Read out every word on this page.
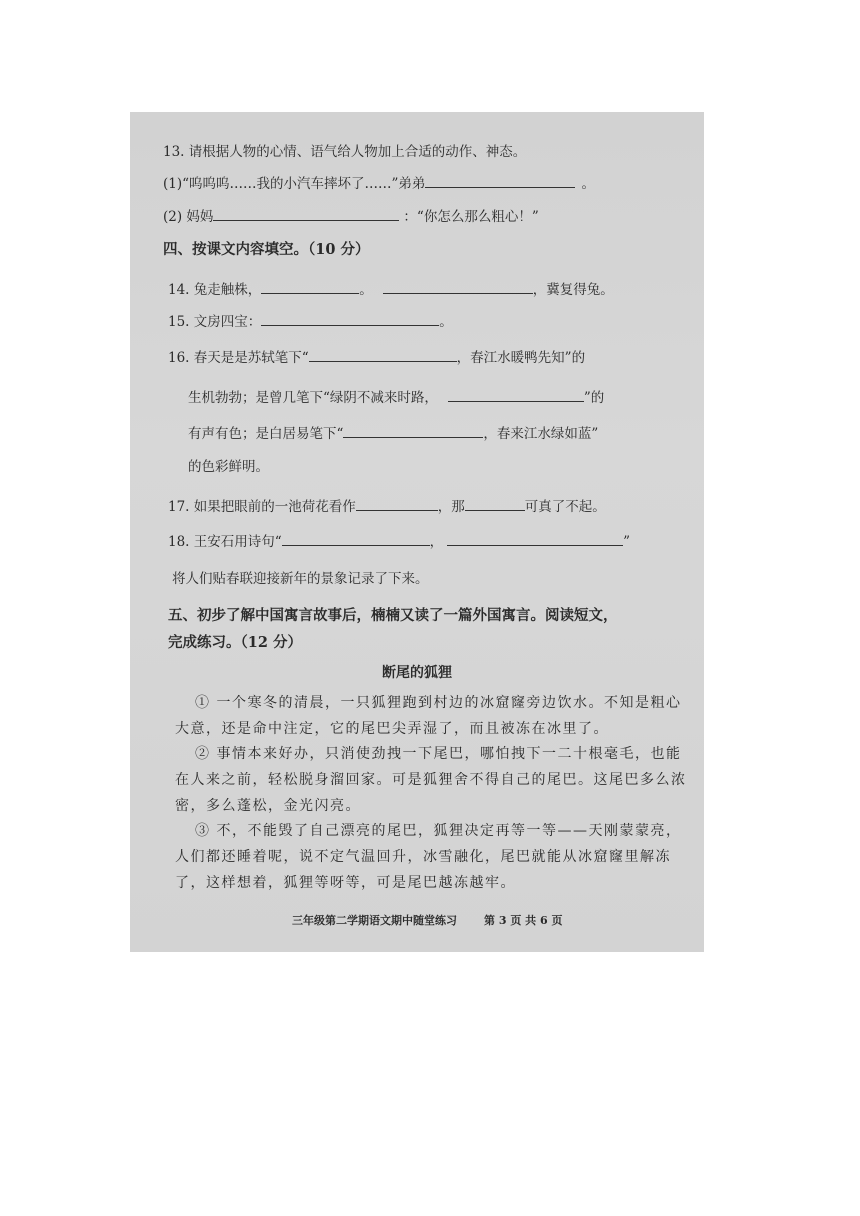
13. 请根据人物的心情、语气给人物加上合适的动作、神态。
(1)“呜呜呜……我的小汽车摔坏了……”弟弟	。
(2) 妈妈	：“你怎么那么粗心！”
四、按课文内容填空。（10 分）
14. 兔走触株，	。	，冀复得兔。
15. 文房四宝：	。
16. 春天是是苏轼笔下“	，春江水暖鸭先知”的
生机勃勃；是曾几笔下“绿阴不减来时路，	”的
有声有色；是白居易笔下“	，春来江水绿如蓝”
的色彩鲜明。
17. 如果把眼前的一池荷花看作	，那	可真了不起。
18. 王安石用诗句“	，	”
将人们贴春联迎接新年的景象记录了下来。
五、初步了解中国寓言故事后，楠楠又读了一篇外国寓言。阅读短文，
完成练习。（12 分）
断尾的狐狸
① 一个寒冬的清晨，一只狐狸跑到村边的冰窟窿旁边饮水。不知是粗心大意，还是命中注定，它的尾巴尖弄湿了，而且被冻在冰里了。
② 事情本来好办，只消使劲拽一下尾巴，哪怕拽下一二十根毫毛，也能在人来之前，轻松脱身溜回家。可是狐狸舍不得自己的尾巴。这尾巴多么浓密，多么蓬松，金光闪亮。
③ 不，不能毁了自己漂亮的尾巴，狐狸决定再等一等——天刚蒙蒙亮，人们都还睡着呢，说不定气温回升，冰雪融化，尾巴就能从冰窟窿里解冻了，这样想着，狐狸等呀等，可是尾巴越冻越牢。
三年级第二学期语文期中随堂练习 第 3 页 共 6 页
